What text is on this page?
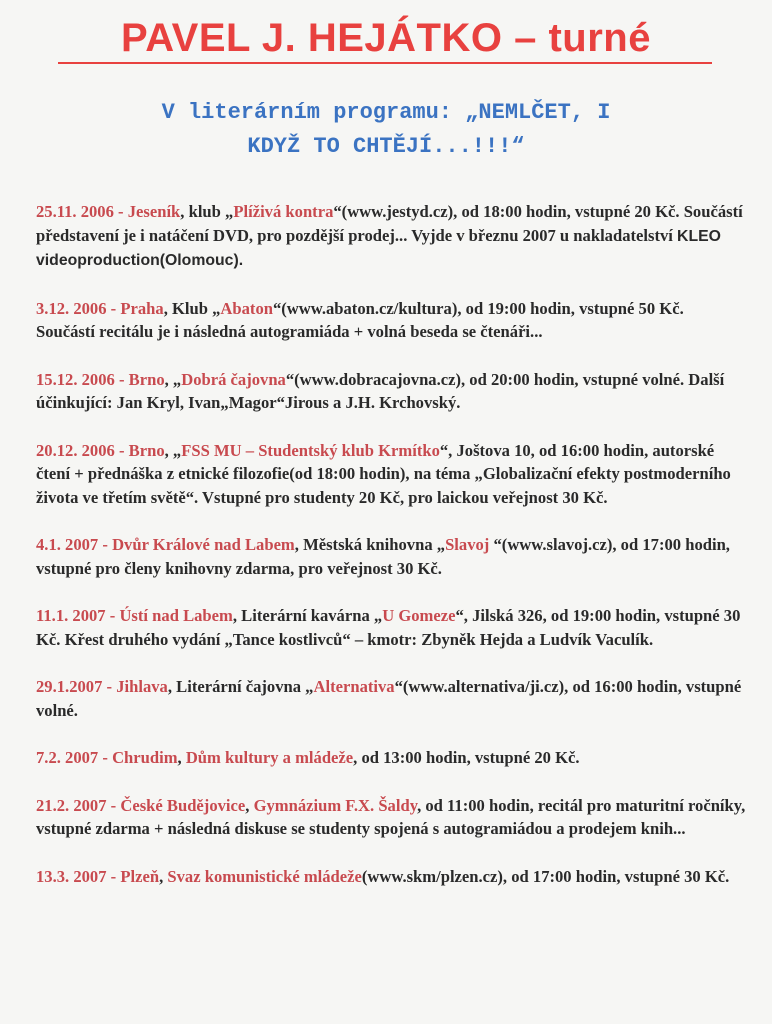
PAVEL J. HEJÁTKO – turné
V literárním programu: „NEMLČET, I
KDYŽ TO CHTĚJÍ...!!!“

25.11. 2006 - Jeseník, klub „Plíživá kontra“(www.jestyd.cz), od 18:00 hodin, vstupné 20 Kč. Součástí představení je i natáčení DVD, pro pozdější prodej... Vyjde v březnu 2007 u nakladatelství KLEO videoproduction(Olomouc).

3.12. 2006 - Praha, Klub „Abaton“(www.abaton.cz/kultura), od 19:00 hodin, vstupné 50 Kč. Součástí recitálu je i následná autogramiáda + volná beseda se čtenáři...

15.12. 2006 - Brno, „Dobrá čajovna“(www.dobracajovna.cz), od 20:00 hodin, vstupné volné. Další účinkující: Jan Kryl, Ivan„Magor“Jirous a J.H. Krchovský.

20.12. 2006 - Brno, „FSS MU – Studentský klub Krmítko“, Joštova 10, od 16:00 hodin, autorské čtení + přednáška z etnické filozofie(od 18:00 hodin), na téma „Globalizační efekty postmoderního života ve třetím světě“. Vstupné pro studenty 20 Kč, pro laickou veřejnost 30 Kč.

4.1. 2007 - Dvůr Králové nad Labem, Městská knihovna „Slavoj “(www.slavoj.cz), od 17:00 hodin, vstupné pro členy knihovny zdarma, pro veřejnost 30 Kč.

11.1. 2007 - Ústí nad Labem, Literární kavárna „U Gomeze“, Jilská 326, od 19:00 hodin, vstupné 30 Kč. Křest druhého vydání „Tance kostlivců“ – kmotr: Zbyněk Hejda a Ludvík Vaculík.

29.1.2007 - Jihlava, Literární čajovna „Alternativa“(www.alternativa/ji.cz), od 16:00 hodin, vstupné volné.

7.2. 2007 - Chrudim, Dům kultury a mládeže, od 13:00 hodin, vstupné 20 Kč.

21.2. 2007 - České Budějovice, Gymnázium F.X. Šaldy, od 11:00 hodin, recitál pro maturitní ročníky, vstupné zdarma + následná diskuse se studenty spojená s autogramiádou a prodejem knih...

13.3. 2007 - Plzeň, Svaz komunistické mládeže(www.skm/plzen.cz), od 17:00 hodin, vstupné 30 Kč.
